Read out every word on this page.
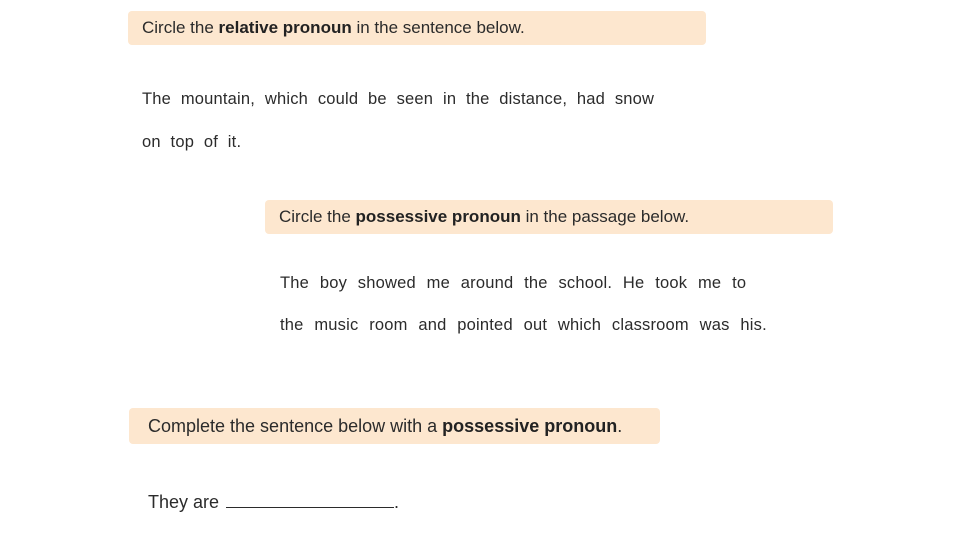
Circle the relative pronoun in the sentence below.
The mountain, which could be seen in the distance, had snow
on top of it.
Circle the possessive pronoun in the passage below.
The boy showed me around the school. He took me to
the music room and pointed out which classroom was his.
Complete the sentence below with a possessive pronoun.
They are	.
